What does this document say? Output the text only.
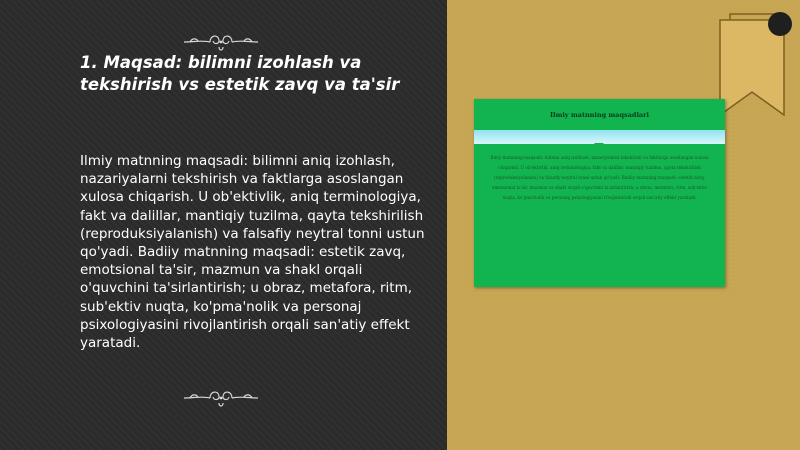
1. Maqsad: bilimni izohlash va tekshirish vs estetik zavq va ta'sir

Ilmiy matnning maqsadi: bilimni aniq izohlash, nazariyalarni tekshirish va faktlarga asoslangan xulosa chiqarish. U ob'ektivlik, aniq terminologiya, fakt va dalillar, mantiqiy tuzilma, qayta tekshirilish (reproduksiyalanish) va falsafiy neytral tonni ustun qo'yadi. Badiiy matnning maqsadi: estetik zavq, emotsional ta'sir, mazmun va shakl orqali o'quvchini ta'sirlantirish; u obraz, metafora, ritm, sub'ektiv nuqta, ko'pma'nolik va personaj psixologiyasini rivojlantirish orqali san'atiy effekt yaratadi.

Ilmiy matnning maqsadlari

Ilmiy matnning maqsadi: bilimni aniq izohlash, nazariyalarni tekshirish va faktlarga asoslangan xulosa chiqarish. U ob'ektivlik, aniq terminologiya, fakt va dalillar, mantiqiy tuzilma, qayta tekshirilish (reproduksiyalanish) va falsafiy neytral tonni ustun qo'yadi. Badiiy matnning maqsadi: estetik zavq, emotsional ta'sir, mazmun va shakl orqali o'quvchini ta'sirlantirish; u obraz, metafora, ritm, sub'ektiv nuqta, ko'pma'nolik va personaj psixologiyasini rivojlantirish orqali san'atiy effekt yaratadi.
